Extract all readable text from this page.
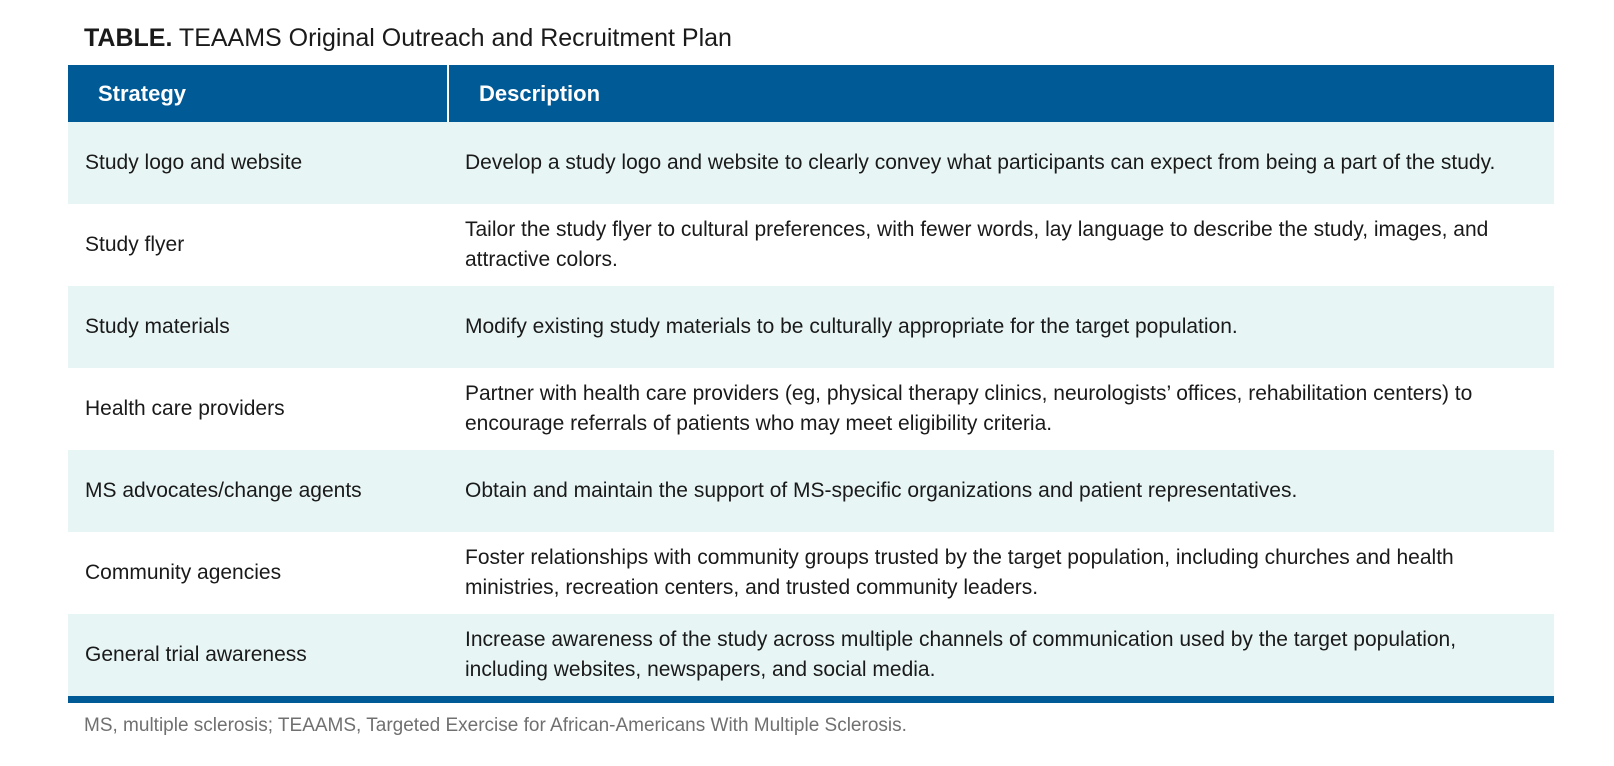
TABLE. TEAAMS Original Outreach and Recruitment Plan
Strategy	Description
Study logo and website	Develop a study logo and website to clearly convey what participants can expect from being a part of the study.
Study flyer	Tailor the study flyer to cultural preferences, with fewer words, lay language to describe the study, images, and attractive colors.
Study materials	Modify existing study materials to be culturally appropriate for the target population.
Health care providers	Partner with health care providers (eg, physical therapy clinics, neurologists’ offices, rehabilitation centers) to encourage referrals of patients who may meet eligibility criteria.
MS advocates/change agents	Obtain and maintain the support of MS-specific organizations and patient representatives.
Community agencies	Foster relationships with community groups trusted by the target population, including churches and health ministries, recreation centers, and trusted community leaders.
General trial awareness	Increase awareness of the study across multiple channels of communication used by the target population, including websites, newspapers, and social media.
MS, multiple sclerosis; TEAAMS, Targeted Exercise for African-Americans With Multiple Sclerosis.
